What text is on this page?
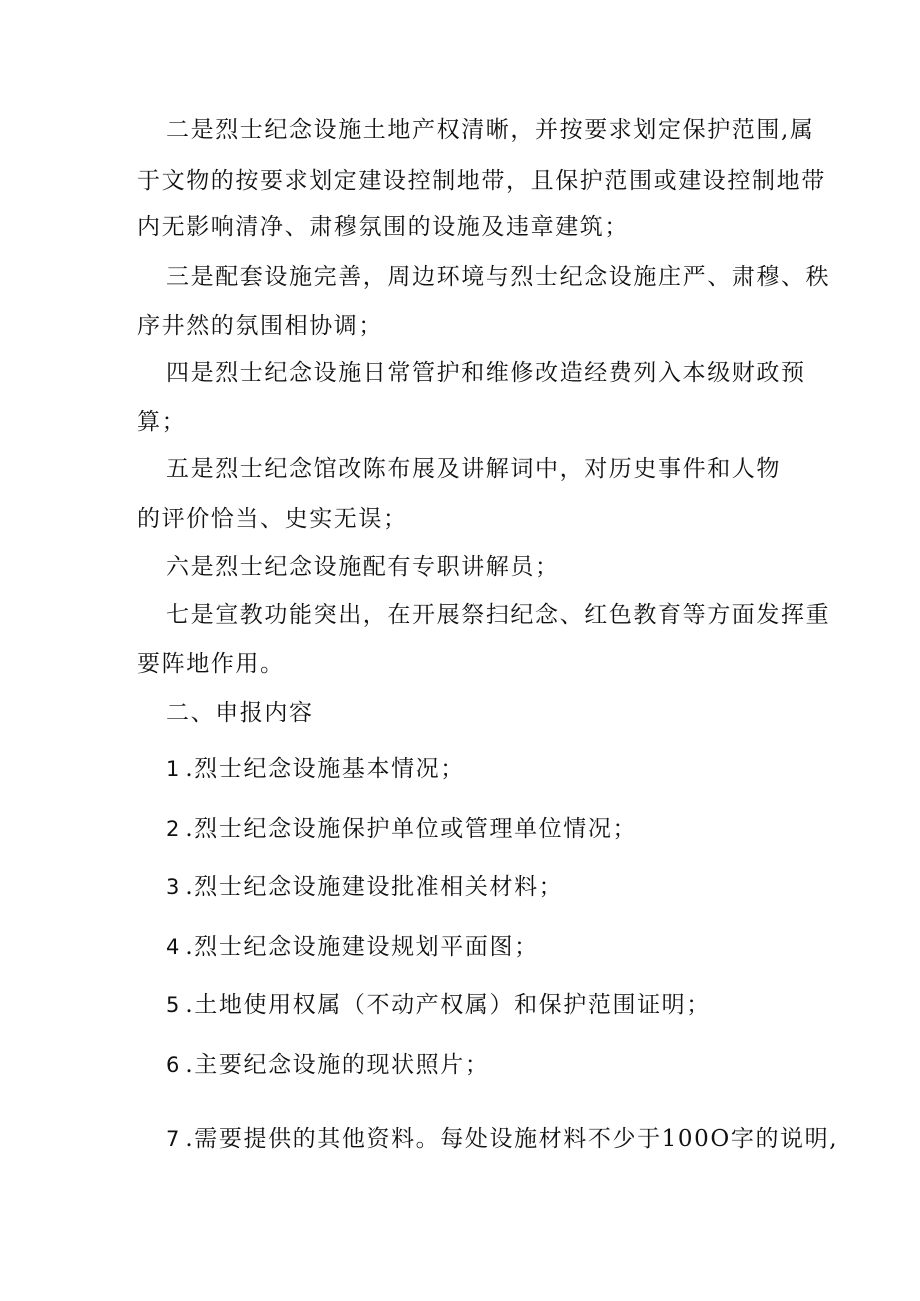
二是烈士纪念设施土地产权清晰，并按要求划定保护范围,属
于文物的按要求划定建设控制地带，且保护范围或建设控制地带
内无影响清净、肃穆氛围的设施及违章建筑；
三是配套设施完善，周边环境与烈士纪念设施庄严、肃穆、秩
序井然的氛围相协调；
四是烈士纪念设施日常管护和维修改造经费列入本级财政预
算；
五是烈士纪念馆改陈布展及讲解词中，对历史事件和人物
的评价恰当、史实无误；
六是烈士纪念设施配有专职讲解员；
七是宣教功能突出，在开展祭扫纪念、红色教育等方面发挥重
要阵地作用。
二、申报内容
1 .烈士纪念设施基本情况；
2 .烈士纪念设施保护单位或管理单位情况；
3 .烈士纪念设施建设批准相关材料；
4 .烈士纪念设施建设规划平面图；
5 .土地使用权属（不动产权属）和保护范围证明；
6 .主要纪念设施的现状照片；
7 .需要提供的其他资料。每处设施材料不少于100O字的说明,
